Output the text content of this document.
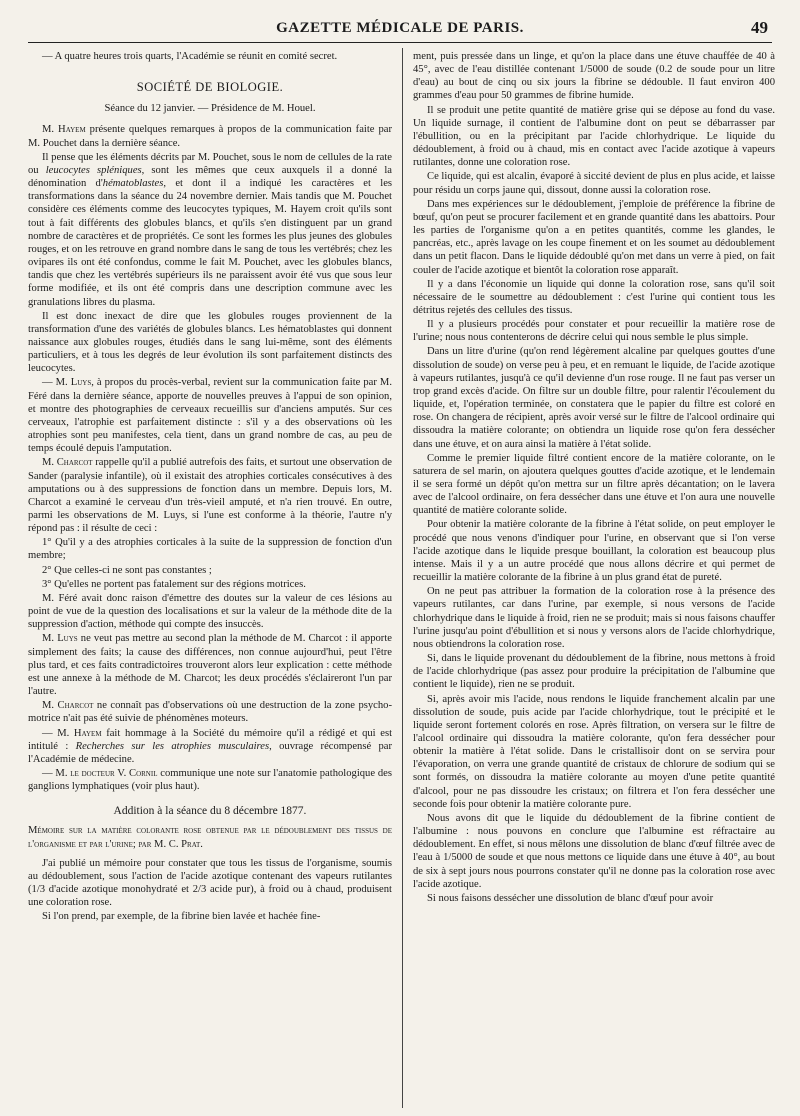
GAZETTE MÉDICALE DE PARIS.	49

— A quatre heures trois quarts, l'Académie se réunit en comité secret.

SOCIÉTÉ DE BIOLOGIE.
Séance du 12 janvier. — Présidence de M. Houel.

M. Hayem présente quelques remarques à propos de la communication faite par M. Pouchet dans la dernière séance.

Il pense que les éléments décrits par M. Pouchet, sous le nom de cellules de la rate ou leucocytes spléniques, sont les mêmes que ceux auxquels il a donné la dénomination d'hématoblastes, et dont il a indiqué les caractères et les transformations dans la séance du 24 novembre dernier. Mais tandis que M. Pouchet considère ces éléments comme des leucocytes typiques, M. Hayem croit qu'ils sont tout à fait différents des globules blancs, et qu'ils s'en distinguent par un grand nombre de caractères et de propriétés. Ce sont les formes les plus jeunes des globules rouges, et on les retrouve en grand nombre dans le sang de tous les vertébrés; chez les ovipares ils ont été confondus, comme le fait M. Pouchet, avec les globules blancs, tandis que chez les vertébrés supérieurs ils ne paraissent avoir été vus que sous leur forme modifiée, et ils ont été compris dans une description commune avec les granulations libres du plasma.

Il est donc inexact de dire que les globules rouges proviennent de la transformation d'une des variétés de globules blancs. Les hématoblastes qui donnent naissance aux globules rouges, étudiés dans le sang lui-même, sont des éléments particuliers, et à tous les degrés de leur évolution ils sont parfaitement distincts des leucocytes.

— M. Luys, à propos du procès-verbal, revient sur la communication faite par M. Féré dans la dernière séance, apporte de nouvelles preuves à l'appui de son opinion, et montre des photographies de cerveaux recueillis sur d'anciens amputés. Sur ces cerveaux, l'atrophie est parfaitement distincte : s'il y a des observations où les atrophies sont peu manifestes, cela tient, dans un grand nombre de cas, au peu de temps écoulé depuis l'amputation.

M. Charcot rappelle qu'il a publié autrefois des faits, et surtout une observation de Sander (paralysie infantile), où il existait des atrophies corticales consécutives à des amputations ou à des suppressions de fonction dans un membre. Depuis lors, M. Charcot a examiné le cerveau d'un très-vieil amputé, et n'a rien trouvé. En outre, parmi les observations de M. Luys, si l'une est conforme à la théorie, l'autre n'y répond pas : il résulte de ceci :

1° Qu'il y a des atrophies corticales à la suite de la suppression de fonction d'un membre;

2° Que celles-ci ne sont pas constantes ;

3° Qu'elles ne portent pas fatalement sur des régions motrices.

M. Féré avait donc raison d'émettre des doutes sur la valeur de ces lésions au point de vue de la question des localisations et sur la valeur de la méthode dite de la suppression d'action, méthode qui compte des insuccès.

M. Luys ne veut pas mettre au second plan la méthode de M. Charcot : il apporte simplement des faits; la cause des différences, non connue aujourd'hui, peut l'être plus tard, et ces faits contradictoires trouveront alors leur explication : cette méthode est une annexe à la méthode de M. Charcot; les deux procédés s'éclaireront l'un par l'autre.

M. Charcot ne connaît pas d'observations où une destruction de la zone psycho-motrice n'ait pas été suivie de phénomènes moteurs.

— M. Hayem fait hommage à la Société du mémoire qu'il a rédigé et qui est intitulé : Recherches sur les atrophies musculaires, ouvrage récompensé par l'Académie de médecine.

— M. le docteur V. Cornil communique une note sur l'anatomie pathologique des ganglions lymphatiques (voir plus haut).

Addition à la séance du 8 décembre 1877.

Mémoire sur la matière colorante rose obtenue par le dédoublement des tissus de l'organisme et par l'urine; par M. C. Prat.

J'ai publié un mémoire pour constater que tous les tissus de l'organisme, soumis au dédoublement, sous l'action de l'acide azotique contenant des vapeurs rutilantes (1/3 d'acide azotique monohydraté et 2/3 acide pur), à froid ou à chaud, produisent une coloration rose.

Si l'on prend, par exemple, de la fibrine bien lavée et hachée fine-

ment, puis pressée dans un linge, et qu'on la place dans une étuve chauffée de 40 à 45°, avec de l'eau distillée contenant 1/5000 de soude (0.2 de soude pour un litre d'eau) au bout de cinq ou six jours la fibrine se dédouble. Il faut environ 400 grammes d'eau pour 50 grammes de fibrine humide.

Il se produit une petite quantité de matière grise qui se dépose au fond du vase. Un liquide surnage, il contient de l'albumine dont on peut se débarrasser par l'ébullition, ou en la précipitant par l'acide chlorhydrique. Le liquide du dédoublement, à froid ou à chaud, mis en contact avec l'acide azotique à vapeurs rutilantes, donne une coloration rose.

Ce liquide, qui est alcalin, évaporé à siccité devient de plus en plus acide, et laisse pour résidu un corps jaune qui, dissout, donne aussi la coloration rose.

Dans mes expériences sur le dédoublement, j'emploie de préférence la fibrine de bœuf, qu'on peut se procurer facilement et en grande quantité dans les abattoirs. Pour les parties de l'organisme qu'on a en petites quantités, comme les glandes, le pancréas, etc., après lavage on les coupe finement et on les soumet au dédoublement dans un petit flacon. Dans le liquide dédoublé qu'on met dans un verre à pied, on fait couler de l'acide azotique et bientôt la coloration rose apparaît.

Il y a dans l'économie un liquide qui donne la coloration rose, sans qu'il soit nécessaire de le soumettre au dédoublement : c'est l'urine qui contient tous les détritus rejetés des cellules des tissus.

Il y a plusieurs procédés pour constater et pour recueillir la matière rose de l'urine; nous nous contenterons de décrire celui qui nous semble le plus simple.

Dans un litre d'urine (qu'on rend légèrement alcaline par quelques gouttes d'une dissolution de soude) on verse peu à peu, et en remuant le liquide, de l'acide azotique à vapeurs rutilantes, jusqu'à ce qu'il devienne d'un rose rouge. Il ne faut pas verser un trop grand excès d'acide. On filtre sur un double filtre, pour ralentir l'écoulement du liquide, et, l'opération terminée, on constatera que le papier du filtre est coloré en rose. On changera de récipient, après avoir versé sur le filtre de l'alcool ordinaire qui dissoudra la matière colorante; on obtiendra un liquide rose qu'on fera dessécher dans une étuve, et on aura ainsi la matière à l'état solide.

Comme le premier liquide filtré contient encore de la matière colorante, on le saturera de sel marin, on ajoutera quelques gouttes d'acide azotique, et le lendemain il se sera formé un dépôt qu'on mettra sur un filtre après décantation; on le lavera avec de l'alcool ordinaire, on fera dessécher dans une étuve et l'on aura une nouvelle quantité de matière colorante solide.

Pour obtenir la matière colorante de la fibrine à l'état solide, on peut employer le procédé que nous venons d'indiquer pour l'urine, en observant que si l'on verse l'acide azotique dans le liquide presque bouillant, la coloration est beaucoup plus intense. Mais il y a un autre procédé que nous allons décrire et qui permet de recueillir la matière colorante de la fibrine à un plus grand état de pureté.

On ne peut pas attribuer la formation de la coloration rose à la présence des vapeurs rutilantes, car dans l'urine, par exemple, si nous versons de l'acide chlorhydrique dans le liquide à froid, rien ne se produit; mais si nous faisons chauffer l'urine jusqu'au point d'ébullition et si nous y versons alors de l'acide chlorhydrique, nous obtiendrons la coloration rose.

Si, dans le liquide provenant du dédoublement de la fibrine, nous mettons à froid de l'acide chlorhydrique (pas assez pour produire la précipitation de l'albumine que contient le liquide), rien ne se produit.

Si, après avoir mis l'acide, nous rendons le liquide franchement alcalin par une dissolution de soude, puis acide par l'acide chlorhydrique, tout le précipité et le liquide seront fortement colorés en rose. Après filtration, on versera sur le filtre de l'alcool ordinaire qui dissoudra la matière colorante, qu'on fera dessécher pour obtenir la matière à l'état solide. Dans le cristallisoir dont on se servira pour l'évaporation, on verra une grande quantité de cristaux de chlorure de sodium qui se sont formés, on dissoudra la matière colorante au moyen d'une petite quantité d'alcool, pour ne pas dissoudre les cristaux; on filtrera et l'on fera dessécher une seconde fois pour obtenir la matière colorante pure.

Nous avons dit que le liquide du dédoublement de la fibrine contient de l'albumine : nous pouvons en conclure que l'albumine est réfractaire au dédoublement. En effet, si nous mêlons une dissolution de blanc d'œuf filtrée avec de l'eau à 1/5000 de soude et que nous mettons ce liquide dans une étuve à 40°, au bout de six à sept jours nous pourrons constater qu'il ne donne pas la coloration rose avec l'acide azotique.

Si nous faisons dessécher une dissolution de blanc d'œuf pour avoir
